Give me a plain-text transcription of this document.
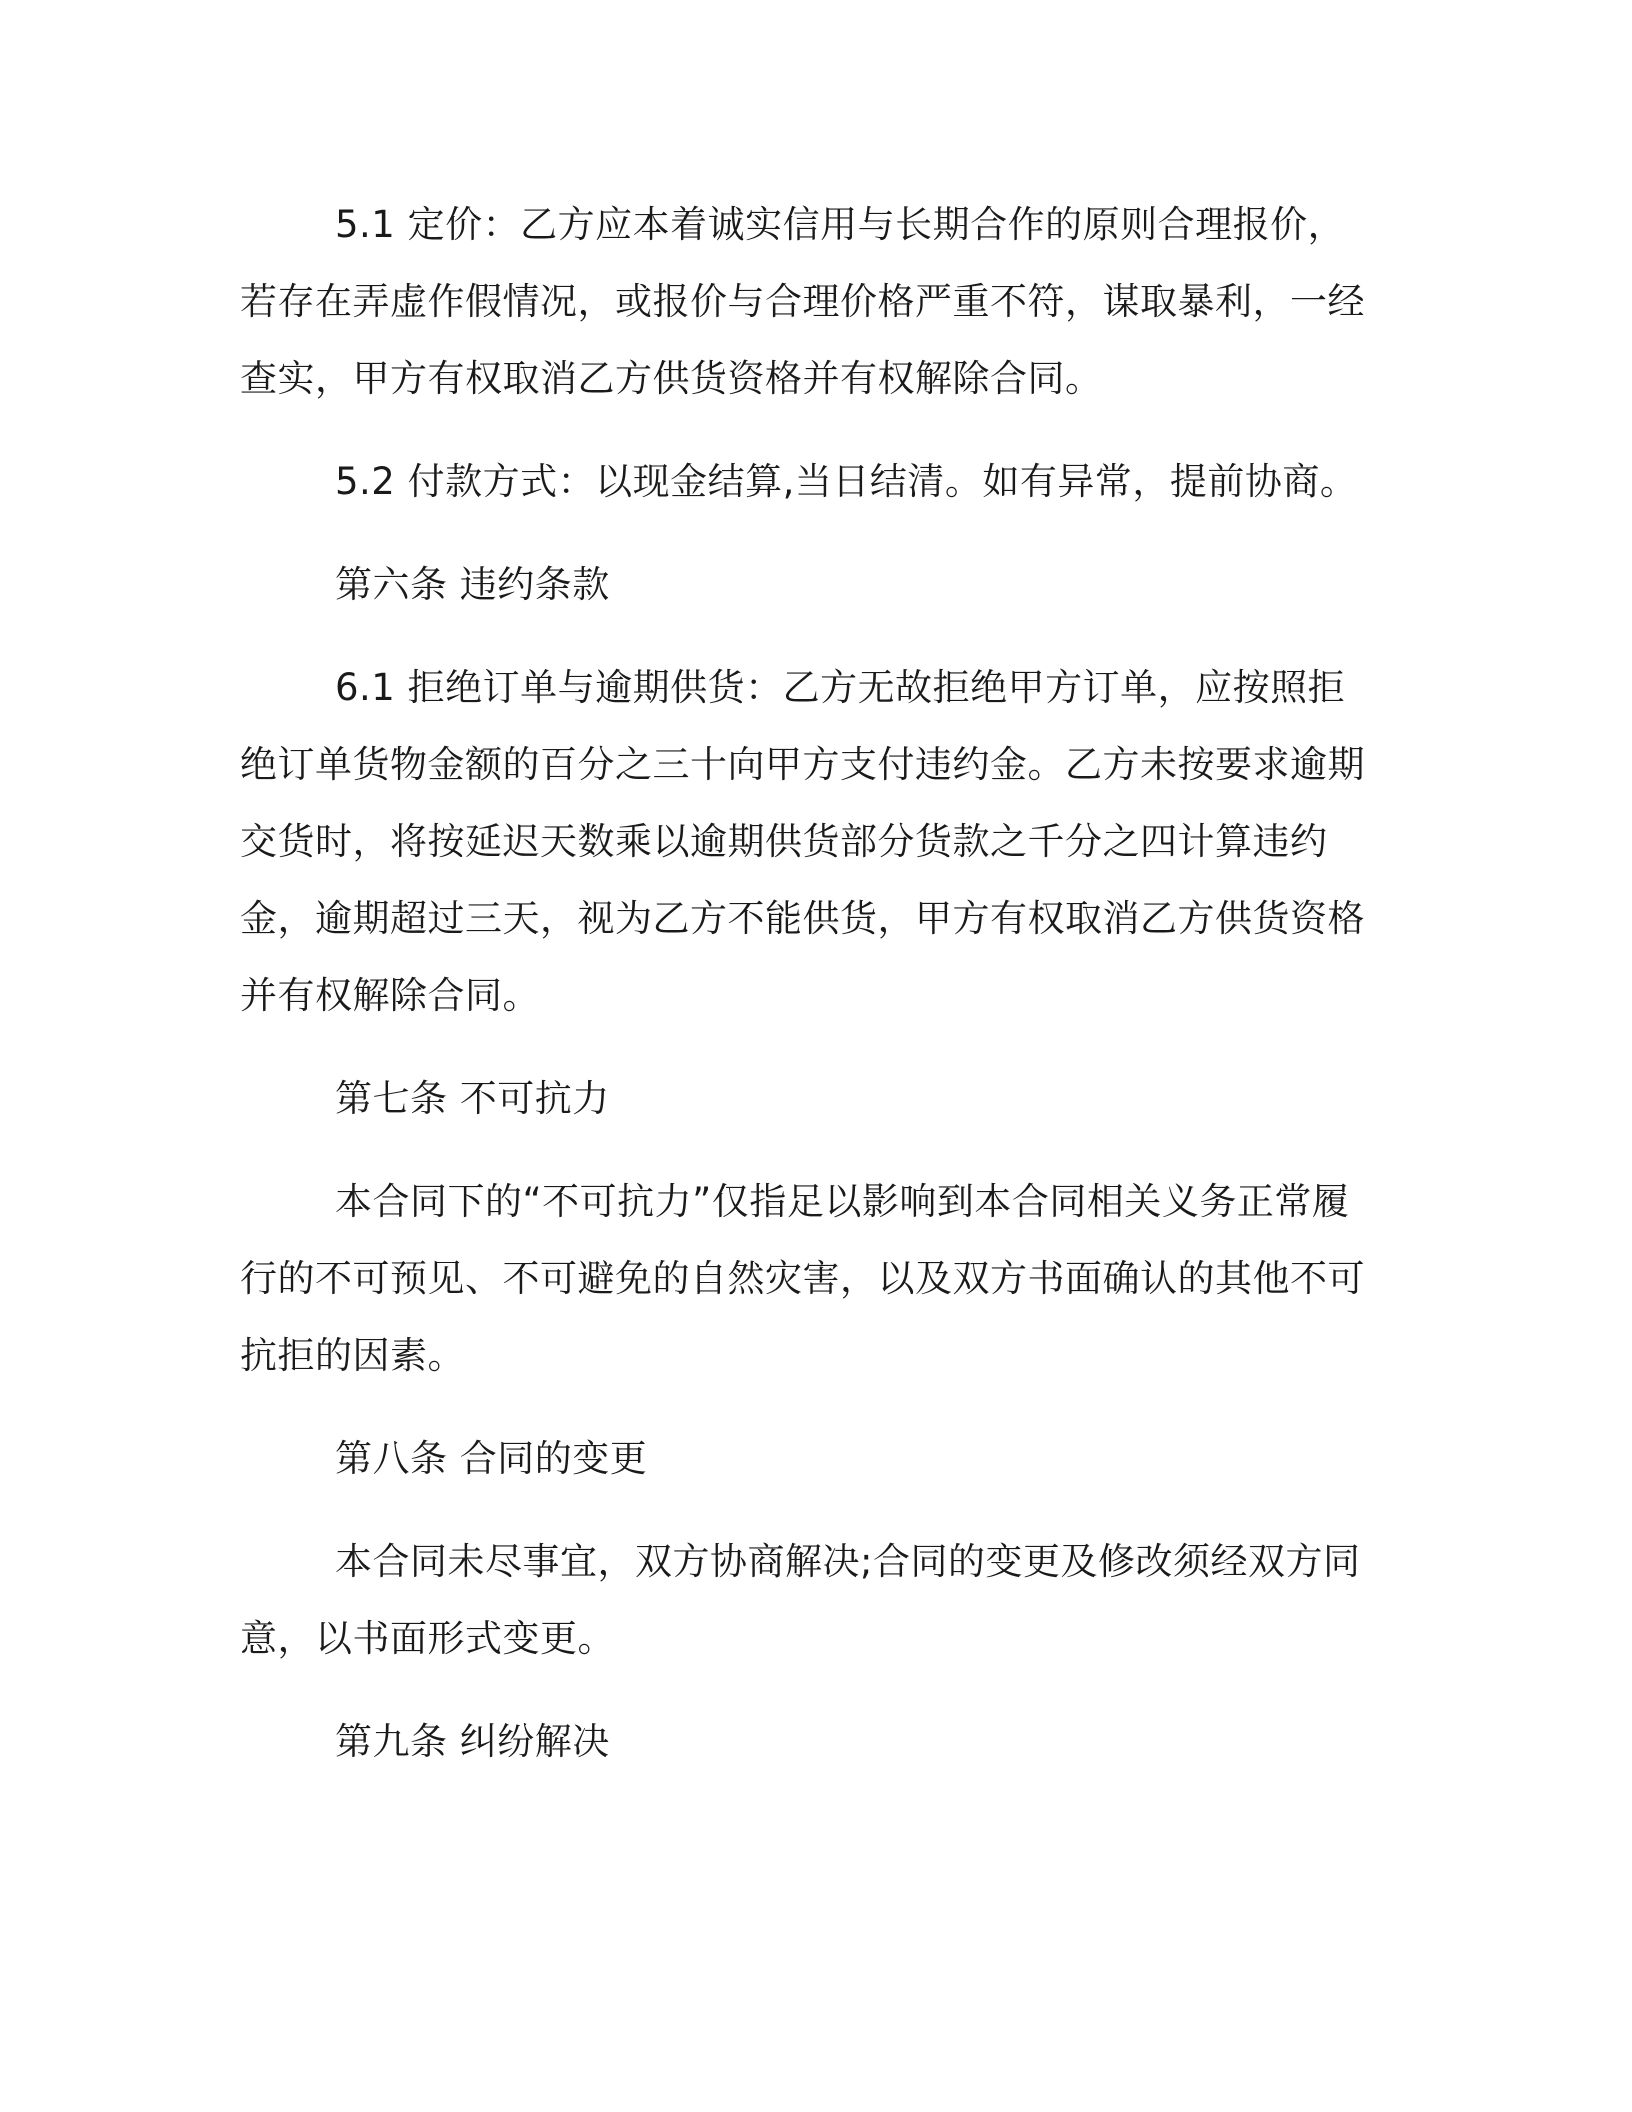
5.1 定价：乙方应本着诚实信用与长期合作的原则合理报价，若存在弄虚作假情况，或报价与合理价格严重不符，谋取暴利，一经查实，甲方有权取消乙方供货资格并有权解除合同。

5.2 付款方式：以现金结算,当日结清。如有异常，提前协商。

第六条 违约条款

6.1 拒绝订单与逾期供货：乙方无故拒绝甲方订单，应按照拒绝订单货物金额的百分之三十向甲方支付违约金。乙方未按要求逾期交货时，将按延迟天数乘以逾期供货部分货款之千分之四计算违约金，逾期超过三天，视为乙方不能供货，甲方有权取消乙方供货资格并有权解除合同。

第七条 不可抗力

本合同下的“不可抗力”仅指足以影响到本合同相关义务正常履行的不可预见、不可避免的自然灾害，以及双方书面确认的其他不可抗拒的因素。

第八条 合同的变更

本合同未尽事宜，双方协商解决;合同的变更及修改须经双方同意，以书面形式变更。

第九条 纠纷解决
